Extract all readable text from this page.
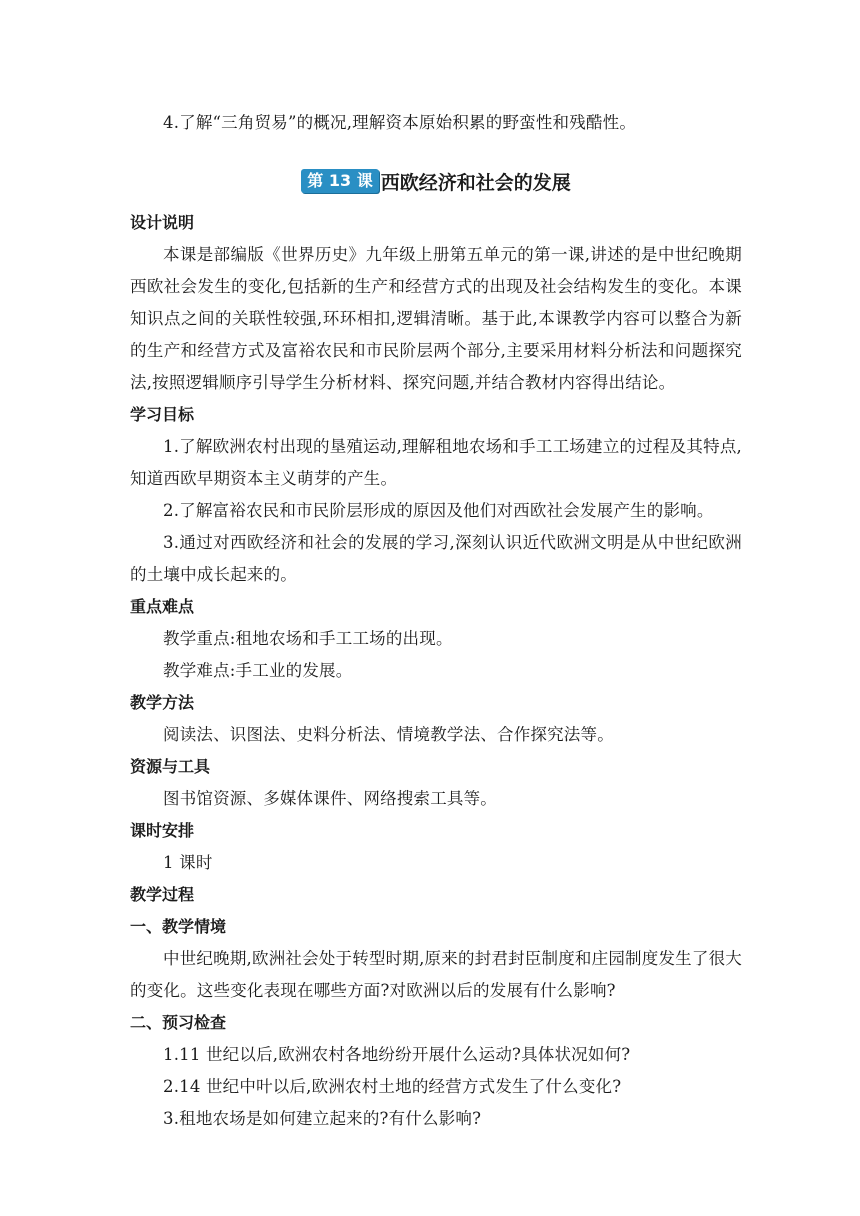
4.了解“三角贸易”的概况,理解资本原始积累的野蛮性和残酷性。

第 13 课 西欧经济和社会的发展

设计说明

本课是部编版《世界历史》九年级上册第五单元的第一课,讲述的是中世纪晚期西欧社会发生的变化,包括新的生产和经营方式的出现及社会结构发生的变化。本课知识点之间的关联性较强,环环相扣,逻辑清晰。基于此,本课教学内容可以整合为新的生产和经营方式及富裕农民和市民阶层两个部分,主要采用材料分析法和问题探究法,按照逻辑顺序引导学生分析材料、探究问题,并结合教材内容得出结论。

学习目标

1.了解欧洲农村出现的垦殖运动,理解租地农场和手工工场建立的过程及其特点,知道西欧早期资本主义萌芽的产生。

2.了解富裕农民和市民阶层形成的原因及他们对西欧社会发展产生的影响。

3.通过对西欧经济和社会的发展的学习,深刻认识近代欧洲文明是从中世纪欧洲的土壤中成长起来的。

重点难点

教学重点:租地农场和手工工场的出现。

教学难点:手工业的发展。

教学方法

阅读法、识图法、史料分析法、情境教学法、合作探究法等。

资源与工具

图书馆资源、多媒体课件、网络搜索工具等。

课时安排

1 课时

教学过程

一、教学情境

中世纪晚期,欧洲社会处于转型时期,原来的封君封臣制度和庄园制度发生了很大的变化。这些变化表现在哪些方面?对欧洲以后的发展有什么影响?

二、预习检查

1.11 世纪以后,欧洲农村各地纷纷开展什么运动?具体状况如何?

2.14 世纪中叶以后,欧洲农村土地的经营方式发生了什么变化?

3.租地农场是如何建立起来的?有什么影响?
